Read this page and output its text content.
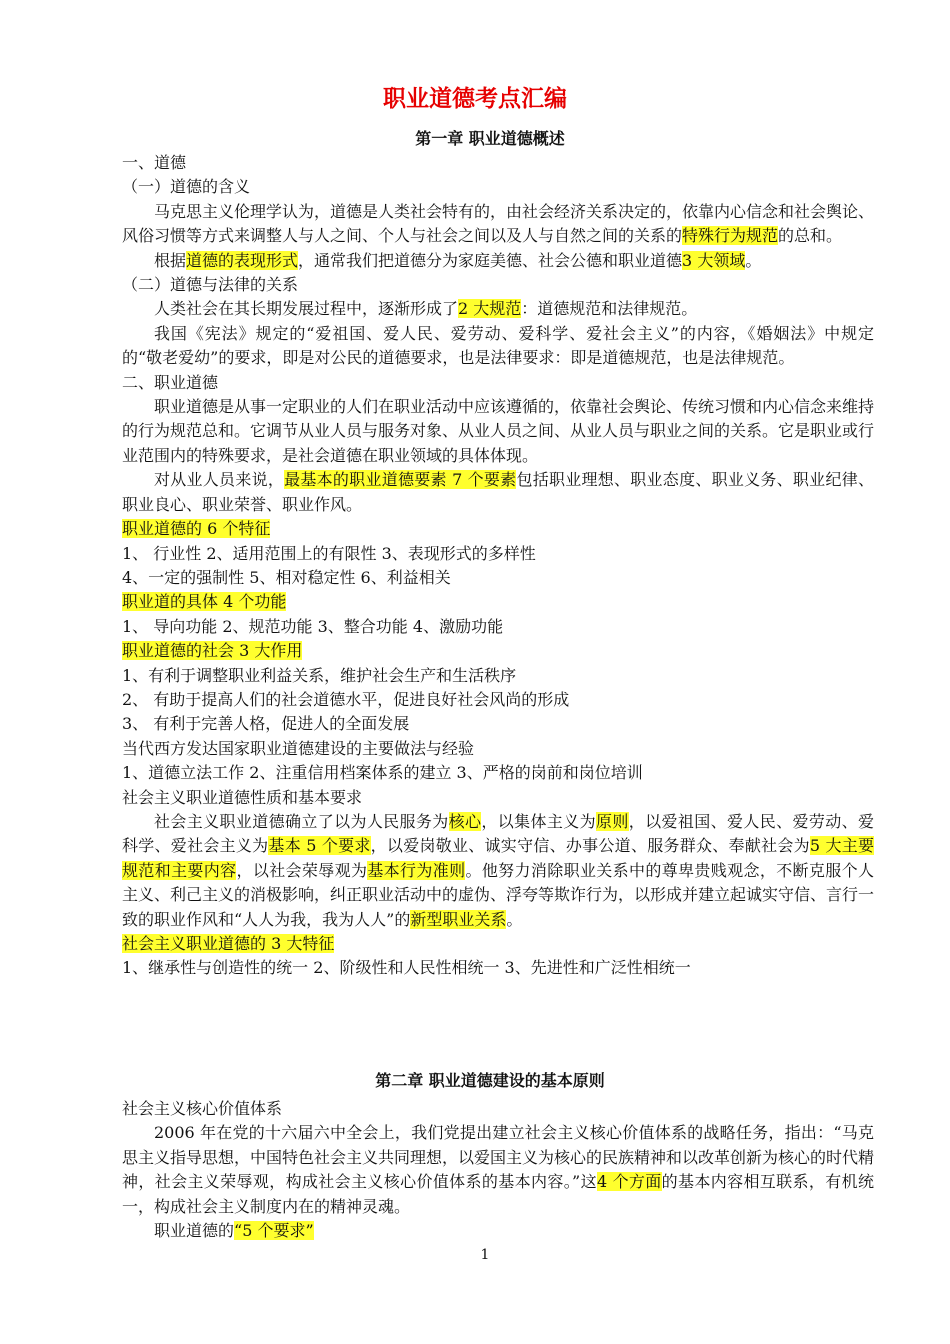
职业道德考点汇编
第一章 职业道德概述

一、道德

（一）道德的含义

马克思主义伦理学认为，道德是人类社会特有的，由社会经济关系决定的，依靠内心信念和社会舆论、风俗习惯等方式来调整人与人之间、个人与社会之间以及人与自然之间的关系的特殊行为规范的总和。

根据道德的表现形式，通常我们把道德分为家庭美德、社会公德和职业道德3 大领域。

（二）道德与法律的关系

人类社会在其长期发展过程中，逐渐形成了2 大规范：道德规范和法律规范。

我国《宪法》规定的“爱祖国、爱人民、爱劳动、爱科学、爱社会主义”的内容，《婚姻法》中规定的“敬老爱幼”的要求，即是对公民的道德要求，也是法律要求：即是道德规范，也是法律规范。

二、职业道德

职业道德是从事一定职业的人们在职业活动中应该遵循的，依靠社会舆论、传统习惯和内心信念来维持的行为规范总和。它调节从业人员与服务对象、从业人员之间、从业人员与职业之间的关系。它是职业或行业范围内的特殊要求，是社会道德在职业领域的具体体现。

对从业人员来说，最基本的职业道德要素 7 个要素包括职业理想、职业态度、职业义务、职业纪律、职业良心、职业荣誉、职业作风。

职业道德的 6 个特征

1、 行业性 2、适用范围上的有限性 3、表现形式的多样性

4、一定的强制性 5、相对稳定性 6、利益相关

职业道的具体 4 个功能

1、 导向功能 2、规范功能 3、整合功能 4、激励功能

职业道德的社会 3 大作用

1、有利于调整职业利益关系，维护社会生产和生活秩序

2、 有助于提高人们的社会道德水平，促进良好社会风尚的形成

3、 有利于完善人格，促进人的全面发展

当代西方发达国家职业道德建设的主要做法与经验

1、道德立法工作 2、注重信用档案体系的建立 3、严格的岗前和岗位培训

社会主义职业道德性质和基本要求

社会主义职业道德确立了以为人民服务为核心，以集体主义为原则，以爱祖国、爱人民、爱劳动、爱科学、爱社会主义为基本 5 个要求，以爱岗敬业、诚实守信、办事公道、服务群众、奉献社会为5 大主要规范和主要内容，以社会荣辱观为基本行为准则。他努力消除职业关系中的尊卑贵贱观念，不断克服个人主义、利己主义的消极影响，纠正职业活动中的虚伪、浮夸等欺诈行为，以形成并建立起诚实守信、言行一致的职业作风和“人人为我，我为人人”的新型职业关系。

社会主义职业道德的 3 大特征

1、继承性与创造性的统一 2、阶级性和人民性相统一 3、先进性和广泛性相统一

第二章 职业道德建设的基本原则

社会主义核心价值体系

2006 年在党的十六届六中全会上，我们党提出建立社会主义核心价值体系的战略任务，指出：“马克思主义指导思想，中国特色社会主义共同理想，以爱国主义为核心的民族精神和以改革创新为核心的时代精神，社会主义荣辱观，构成社会主义核心价值体系的基本内容。”这4 个方面的基本内容相互联系，有机统一，构成社会主义制度内在的精神灵魂。

职业道德的“5 个要求”

1
